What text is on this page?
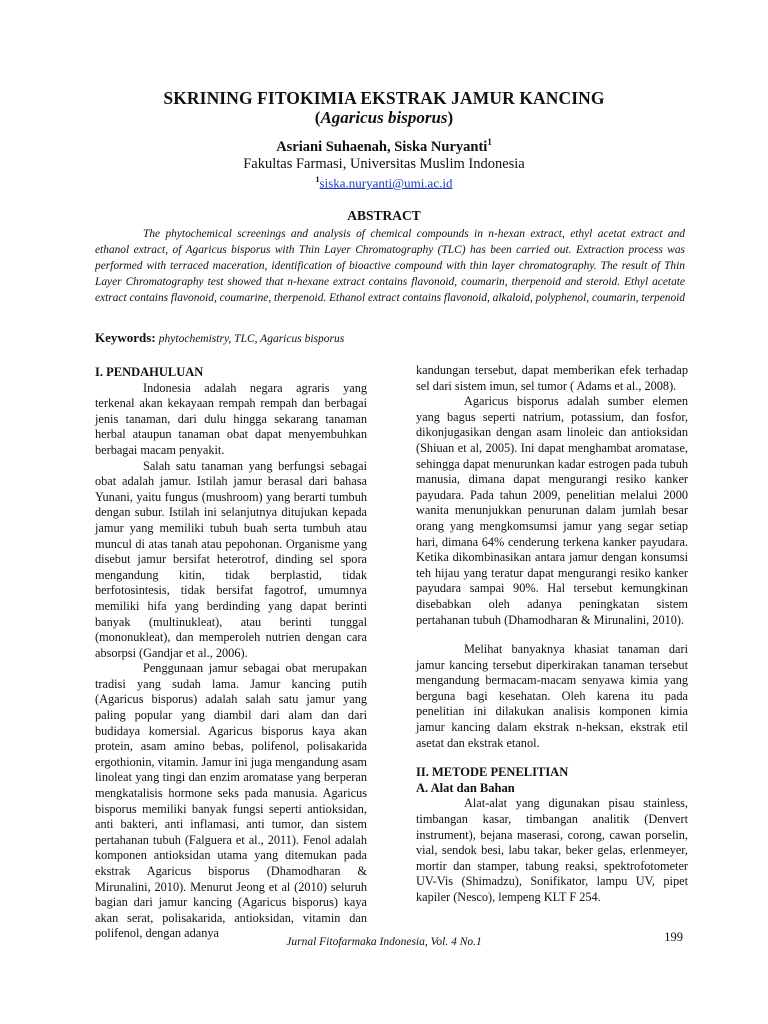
SKRINING FITOKIMIA EKSTRAK JAMUR KANCING
(Agaricus bisporus)
Asriani Suhaenah, Siska Nuryanti$^1$
Fakultas Farmasi, Universitas Muslim Indonesia
$^1$siska.nuryanti@umi.ac.id
ABSTRACT
The phytochemical screenings and analysis of chemical compounds in n-hexan extract, ethyl acetat extract and ethanol extract, of Agaricus bisporus with Thin Layer Chromatography (TLC) has been carried out. Extraction process was performed with terraced maceration, identification of bioactive compound with thin layer chromatography. The result of Thin Layer Chromatography test showed that n-hexane extract contains flavonoid, coumarin, therpenoid and steroid. Ethyl acetate extract contains flavonoid, coumarine, therpenoid. Ethanol extract contains flavonoid, alkaloid, polyphenol, coumarin, terpenoid
Keywords: phytochemistry, TLC, Agaricus bisporus

I. PENDAHULUAN

Indonesia adalah negara agraris yang terkenal akan kekayaan rempah rempah dan berbagai jenis tanaman, dari dulu hingga sekarang tanaman herbal ataupun tanaman obat dapat menyembuhkan berbagai macam penyakit.

Salah satu tanaman yang berfungsi sebagai obat adalah jamur. Istilah jamur berasal dari bahasa Yunani, yaitu fungus (mushroom) yang berarti tumbuh dengan subur. Istilah ini selanjutnya ditujukan kepada jamur yang memiliki tubuh buah serta tumbuh atau muncul di atas tanah atau pepohonan. Organisme yang disebut jamur bersifat heterotrof, dinding sel spora mengandung kitin, tidak berplastid, tidak berfotosintesis, tidak bersifat fagotrof, umumnya memiliki hifa yang berdinding yang dapat berinti banyak (multinukleat), atau berinti tunggal (mononukleat), dan memperoleh nutrien dengan cara absorpsi (Gandjar et al., 2006).

Penggunaan jamur sebagai obat merupakan tradisi yang sudah lama. Jamur kancing putih (Agaricus bisporus) adalah salah satu jamur yang paling popular yang diambil dari alam dan dari budidaya komersial. Agaricus bisporus kaya akan protein, asam amino bebas, polifenol, polisakarida ergothionin, vitamin. Jamur ini juga mengandung asam linoleat yang tingi dan enzim aromatase yang berperan mengkatalisis hormone seks pada manusia. Agaricus bisporus memiliki banyak fungsi seperti antioksidan, anti bakteri, anti inflamasi, anti tumor, dan sistem pertahanan tubuh (Falguera et al., 2011). Fenol adalah komponen antioksidan utama yang ditemukan pada ekstrak Agaricus bisporus (Dhamodharan & Mirunalini, 2010). Menurut Jeong et al (2010) seluruh bagian dari jamur kancing (Agaricus bisporus) kaya akan serat, polisakarida, antioksidan, vitamin dan polifenol, dengan adanya

kandungan tersebut, dapat memberikan efek terhadap sel dari sistem imun, sel tumor ( Adams et al., 2008).

Agaricus bisporus adalah sumber elemen yang bagus seperti natrium, potassium, dan fosfor, dikonjugasikan dengan asam linoleic dan antioksidan (Shiuan et al, 2005). Ini dapat menghambat aromatase, sehingga dapat menurunkan kadar estrogen pada tubuh manusia, dimana dapat mengurangi resiko kanker payudara. Pada tahun 2009, penelitian melalui 2000 wanita menunjukkan penurunan dalam jumlah besar orang yang mengkomsumsi jamur yang segar setiap hari, dimana 64% cenderung terkena kanker payudara. Ketika dikombinasikan antara jamur dengan konsumsi teh hijau yang teratur dapat mengurangi resiko kanker payudara sampai 90%. Hal tersebut kemungkinan disebabkan oleh adanya peningkatan sistem pertahanan tubuh (Dhamodharan & Mirunalini, 2010).

Melihat banyaknya khasiat tanaman dari jamur kancing tersebut diperkirakan tanaman tersebut mengandung bermacam-macam senyawa kimia yang berguna bagi kesehatan. Oleh karena itu pada penelitian ini dilakukan analisis komponen kimia jamur kancing dalam ekstrak n-heksan, ekstrak etil asetat dan ekstrak etanol.

II. METODE PENELITIAN

A. Alat dan Bahan

Alat-alat yang digunakan pisau stainless, timbangan kasar, timbangan analitik (Denvert instrument), bejana maserasi, corong, cawan porselin, vial, sendok besi, labu takar, beker gelas, erlenmeyer, mortir dan stamper, tabung reaksi, spektrofotometer UV-Vis (Shimadzu), Sonifikator, lampu UV, pipet kapiler (Nesco), lempeng KLT F 254.

Jurnal Fitofarmaka Indonesia, Vol. 4 No.1	199
